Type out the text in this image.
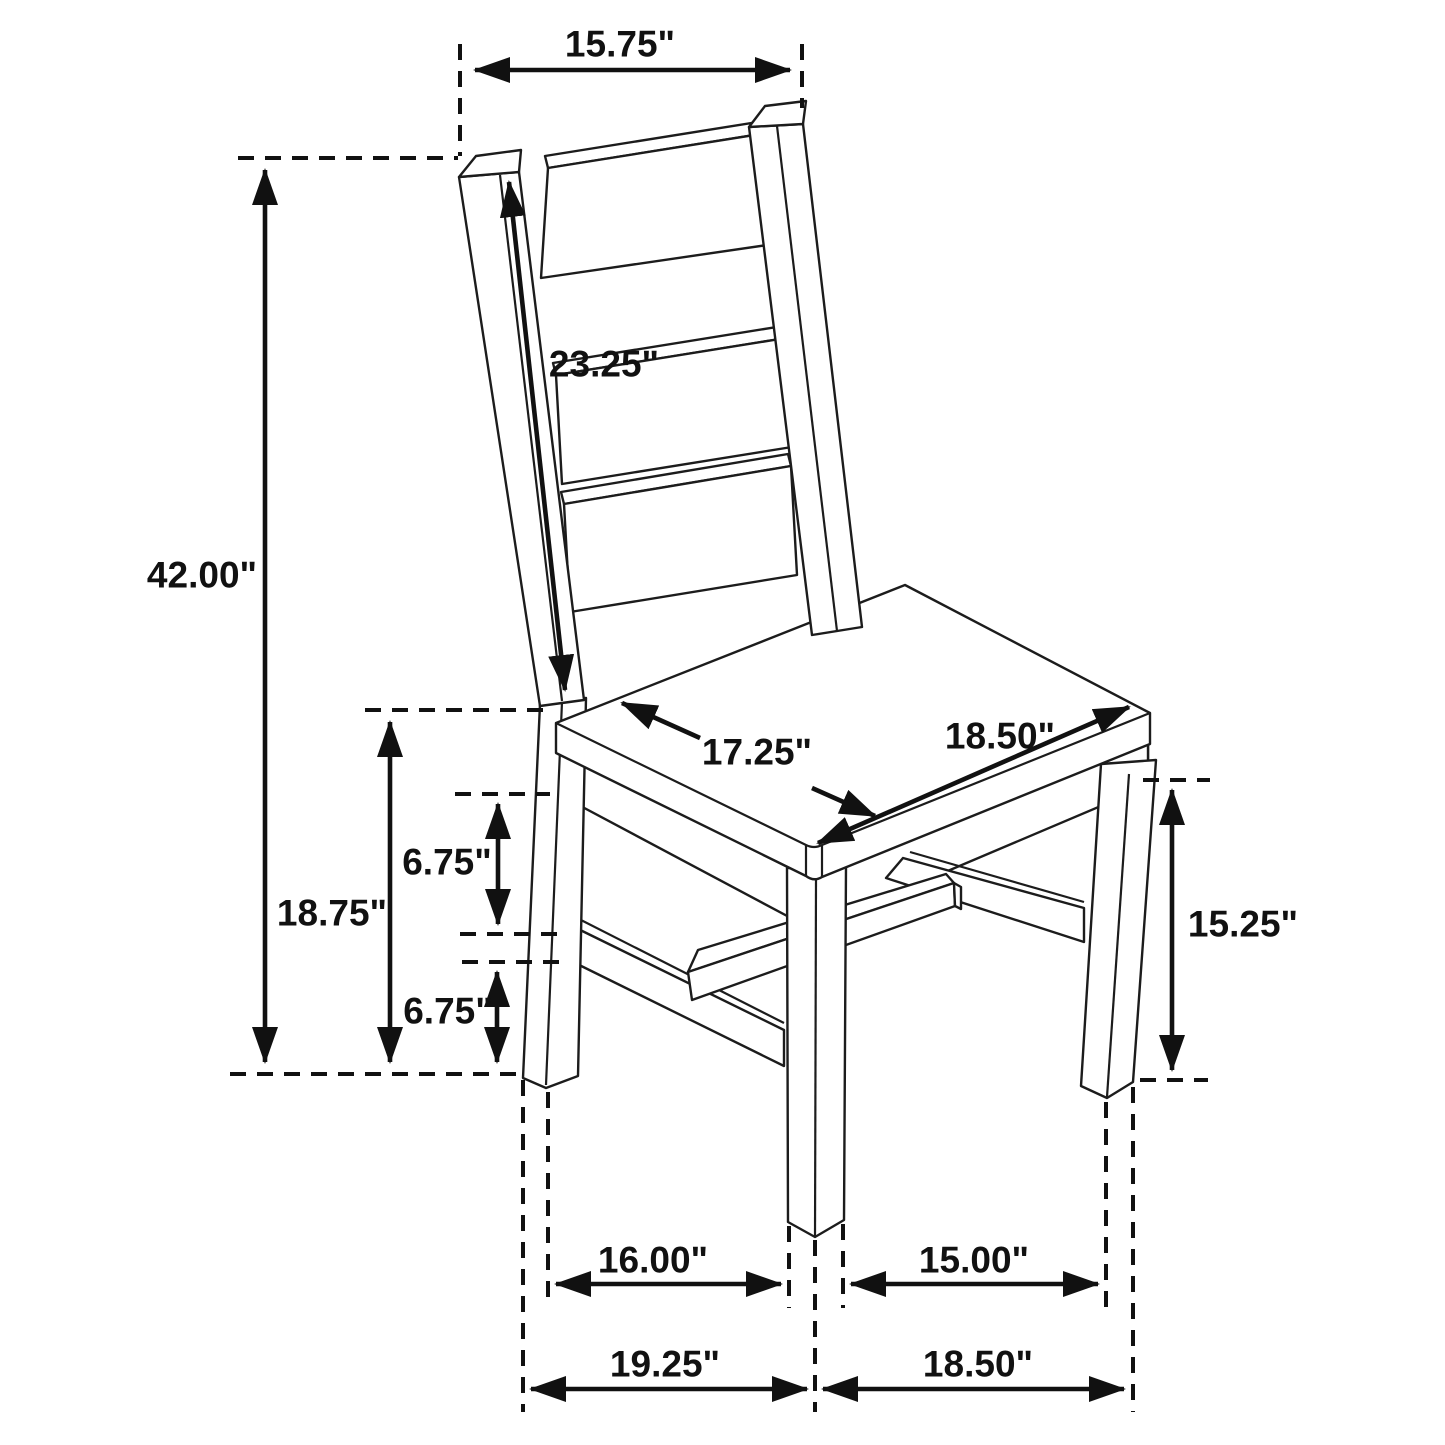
15.75"
42.00"
23.25"
17.25"	18.50"
18.75"
6.75"
6.75"
15.25"
16.00"	15.00"
19.25"	18.50"
